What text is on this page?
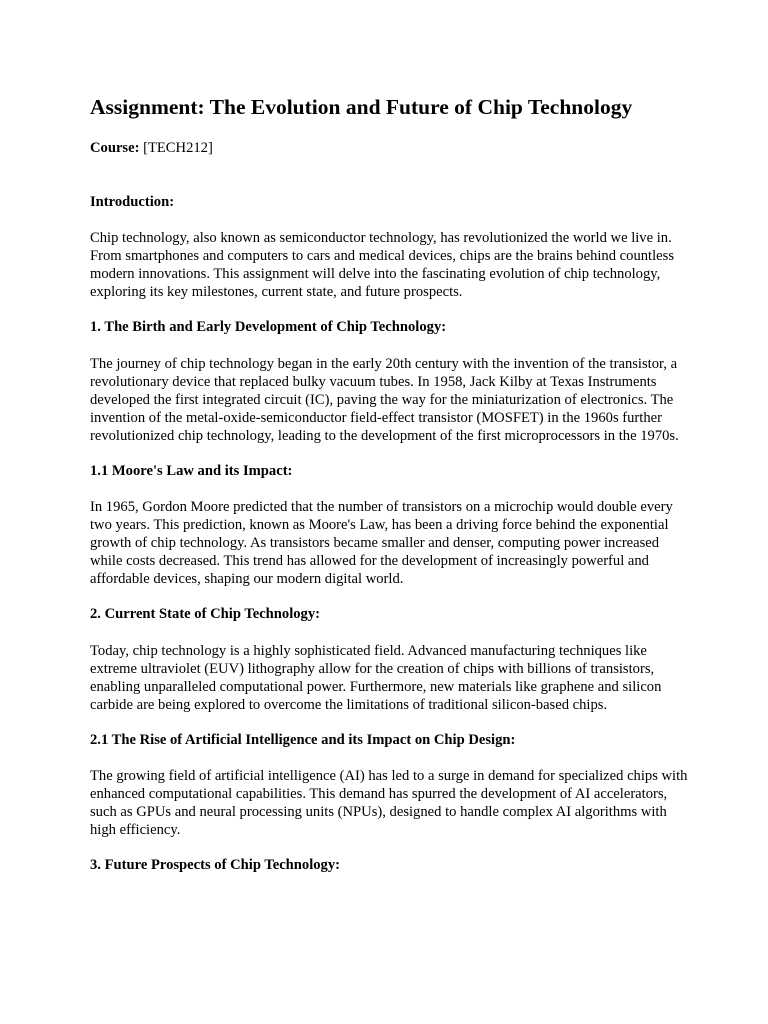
Assignment: The Evolution and Future of Chip Technology
Course: [TECH212]
Introduction:
Chip technology, also known as semiconductor technology, has revolutionized the world we live in. From smartphones and computers to cars and medical devices, chips are the brains behind countless modern innovations. This assignment will delve into the fascinating evolution of chip technology, exploring its key milestones, current state, and future prospects.
1. The Birth and Early Development of Chip Technology:
The journey of chip technology began in the early 20th century with the invention of the transistor, a revolutionary device that replaced bulky vacuum tubes. In 1958, Jack Kilby at Texas Instruments developed the first integrated circuit (IC), paving the way for the miniaturization of electronics. The invention of the metal-oxide-semiconductor field-effect transistor (MOSFET) in the 1960s further revolutionized chip technology, leading to the development of the first microprocessors in the 1970s.
1.1 Moore's Law and its Impact:
In 1965, Gordon Moore predicted that the number of transistors on a microchip would double every two years. This prediction, known as Moore's Law, has been a driving force behind the exponential growth of chip technology. As transistors became smaller and denser, computing power increased while costs decreased. This trend has allowed for the development of increasingly powerful and affordable devices, shaping our modern digital world.
2. Current State of Chip Technology:
Today, chip technology is a highly sophisticated field. Advanced manufacturing techniques like extreme ultraviolet (EUV) lithography allow for the creation of chips with billions of transistors, enabling unparalleled computational power. Furthermore, new materials like graphene and silicon carbide are being explored to overcome the limitations of traditional silicon-based chips.
2.1 The Rise of Artificial Intelligence and its Impact on Chip Design:
The growing field of artificial intelligence (AI) has led to a surge in demand for specialized chips with enhanced computational capabilities. This demand has spurred the development of AI accelerators, such as GPUs and neural processing units (NPUs), designed to handle complex AI algorithms with high efficiency.
3. Future Prospects of Chip Technology:
